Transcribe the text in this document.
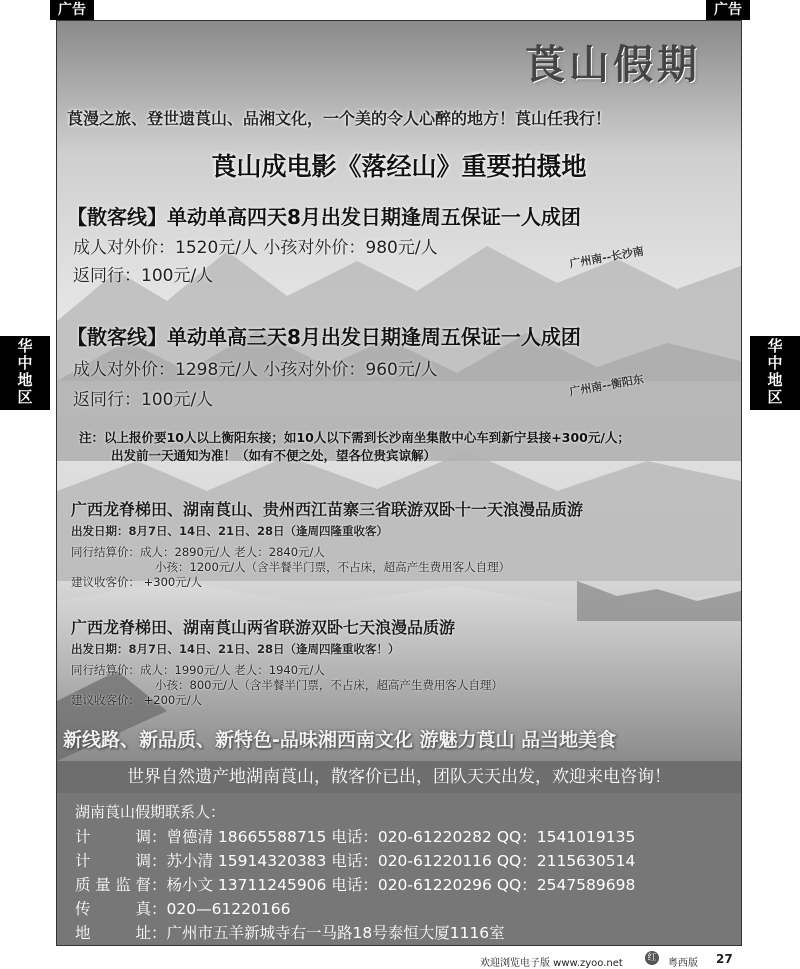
广告	广告
华
中
地
区
华
中
地
区
莨山假期
莨漫之旅、登世遗莨山、品湘文化，一个美的令人心醉的地方！莨山任我行！
莨山成电影《落经山》重要拍摄地
【散客线】单动单高四天8月出发日期逢周五保证一人成团
成人对外价：1520元/人 小孩对外价：980元/人
返同行：100元/人
广州南--长沙南
【散客线】单动单高三天8月出发日期逢周五保证一人成团
成人对外价：1298元/人 小孩对外价：960元/人
返同行：100元/人
广州南--衡阳东
注：以上报价要10人以上衡阳东接；如10人以下需到长沙南坐集散中心车到新宁县接+300元/人；
出发前一天通知为准！（如有不便之处，望各位贵宾谅解）
广西龙脊梯田、湖南莨山、贵州西江苗寨三省联游双卧十一天浪漫品质游
出发日期：8月7日、14日、21日、28日（逢周四隆重收客）
同行结算价：成人：2890元/人 老人：2840元/人
小孩：1200元/人（含半餐半门票，不占床，超高产生费用客人自理）
建议收客价： +300元/人
广西龙脊梯田、湖南莨山两省联游双卧七天浪漫品质游
出发日期：8月7日、14日、21日、28日（逢周四隆重收客！）
同行结算价：成人：1990元/人 老人：1940元/人
小孩：800元/人（含半餐半门票，不占床，超高产生费用客人自理）
建议收客价： +200元/人
新线路、新品质、新特色-品味湘西南文化 游魅力莨山 品当地美食
世界自然遗产地湖南莨山，散客价已出，团队天天出发，欢迎来电咨询！
湖南莨山假期联系人：
计调：曾德清 18665588715 电话：020-61220282 QQ：1541019135
计调：苏小清 15914320383 电话：020-61220116 QQ：2115630514
质量监督：杨小文 13711245906 电话：020-61220296 QQ：2547589698
传真：020—61220166
地址：广州市五羊新城寺右一马路18号泰恒大厦1116室
欢迎浏览电子版 www.zyoo.net	红 粤西版 27
